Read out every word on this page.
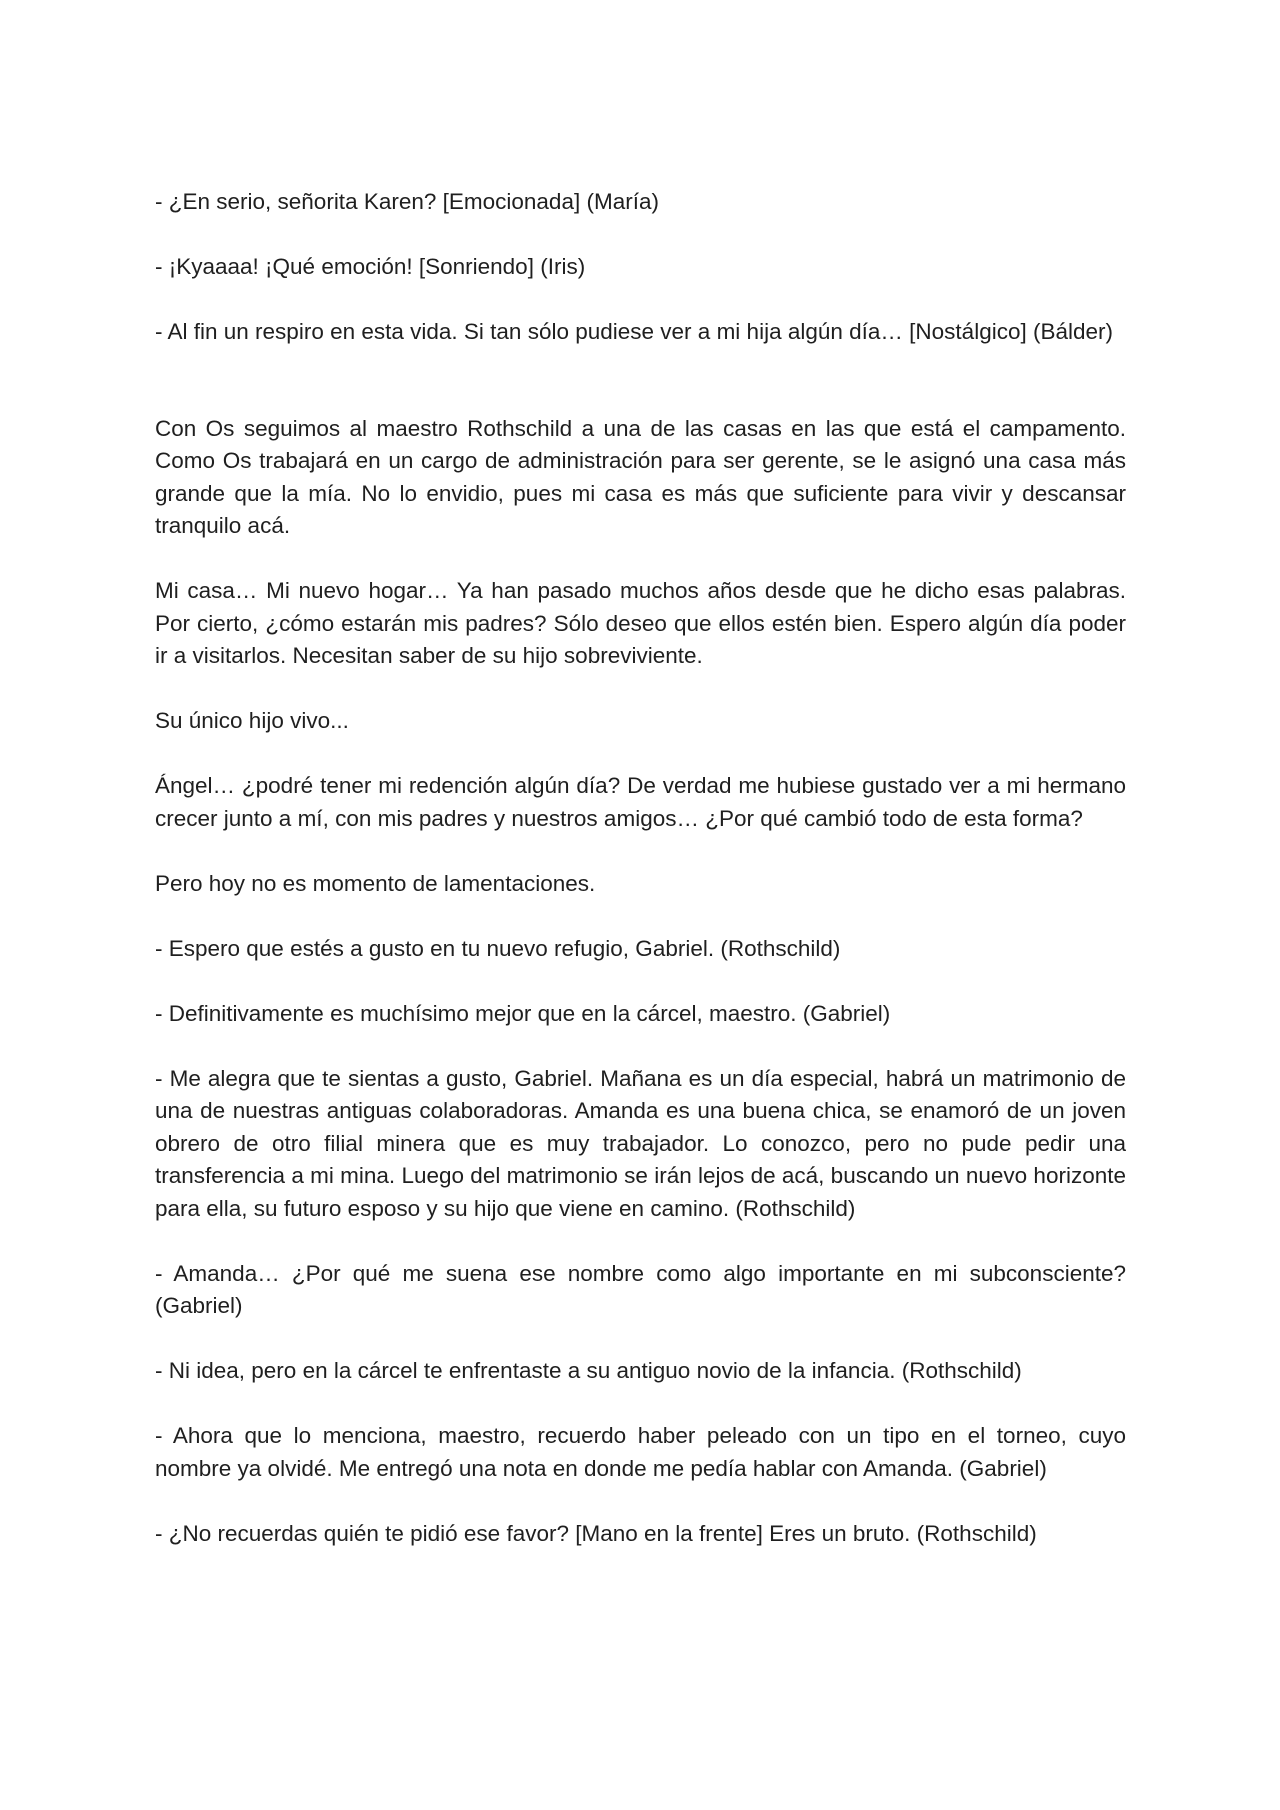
- ¿En serio, señorita Karen? [Emocionada] (María)

- ¡Kyaaaa! ¡Qué emoción! [Sonriendo] (Iris)

- Al fin un respiro en esta vida. Si tan sólo pudiese ver a mi hija algún día… [Nostálgico] (Bálder)

Con Os seguimos al maestro Rothschild a una de las casas en las que está el campamento. Como Os trabajará en un cargo de administración para ser gerente, se le asignó una casa más grande que la mía. No lo envidio, pues mi casa es más que suficiente para vivir y descansar tranquilo acá.

Mi casa… Mi nuevo hogar… Ya han pasado muchos años desde que he dicho esas palabras. Por cierto, ¿cómo estarán mis padres? Sólo deseo que ellos estén bien. Espero algún día poder ir a visitarlos. Necesitan saber de su hijo sobreviviente.

Su único hijo vivo...

Ángel… ¿podré tener mi redención algún día? De verdad me hubiese gustado ver a mi hermano crecer junto a mí, con mis padres y nuestros amigos… ¿Por qué cambió todo de esta forma?

Pero hoy no es momento de lamentaciones.

- Espero que estés a gusto en tu nuevo refugio, Gabriel. (Rothschild)

- Definitivamente es muchísimo mejor que en la cárcel, maestro. (Gabriel)

- Me alegra que te sientas a gusto, Gabriel. Mañana es un día especial, habrá un matrimonio de una de nuestras antiguas colaboradoras. Amanda es una buena chica, se enamoró de un joven obrero de otro filial minera que es muy trabajador. Lo conozco, pero no pude pedir una transferencia a mi mina. Luego del matrimonio se irán lejos de acá, buscando un nuevo horizonte para ella, su futuro esposo y su hijo que viene en camino. (Rothschild)

- Amanda… ¿Por qué me suena ese nombre como algo importante en mi subconsciente? (Gabriel)

- Ni idea, pero en la cárcel te enfrentaste a su antiguo novio de la infancia. (Rothschild)

- Ahora que lo menciona, maestro, recuerdo haber peleado con un tipo en el torneo, cuyo nombre ya olvidé. Me entregó una nota en donde me pedía hablar con Amanda. (Gabriel)

- ¿No recuerdas quién te pidió ese favor? [Mano en la frente] Eres un bruto. (Rothschild)
